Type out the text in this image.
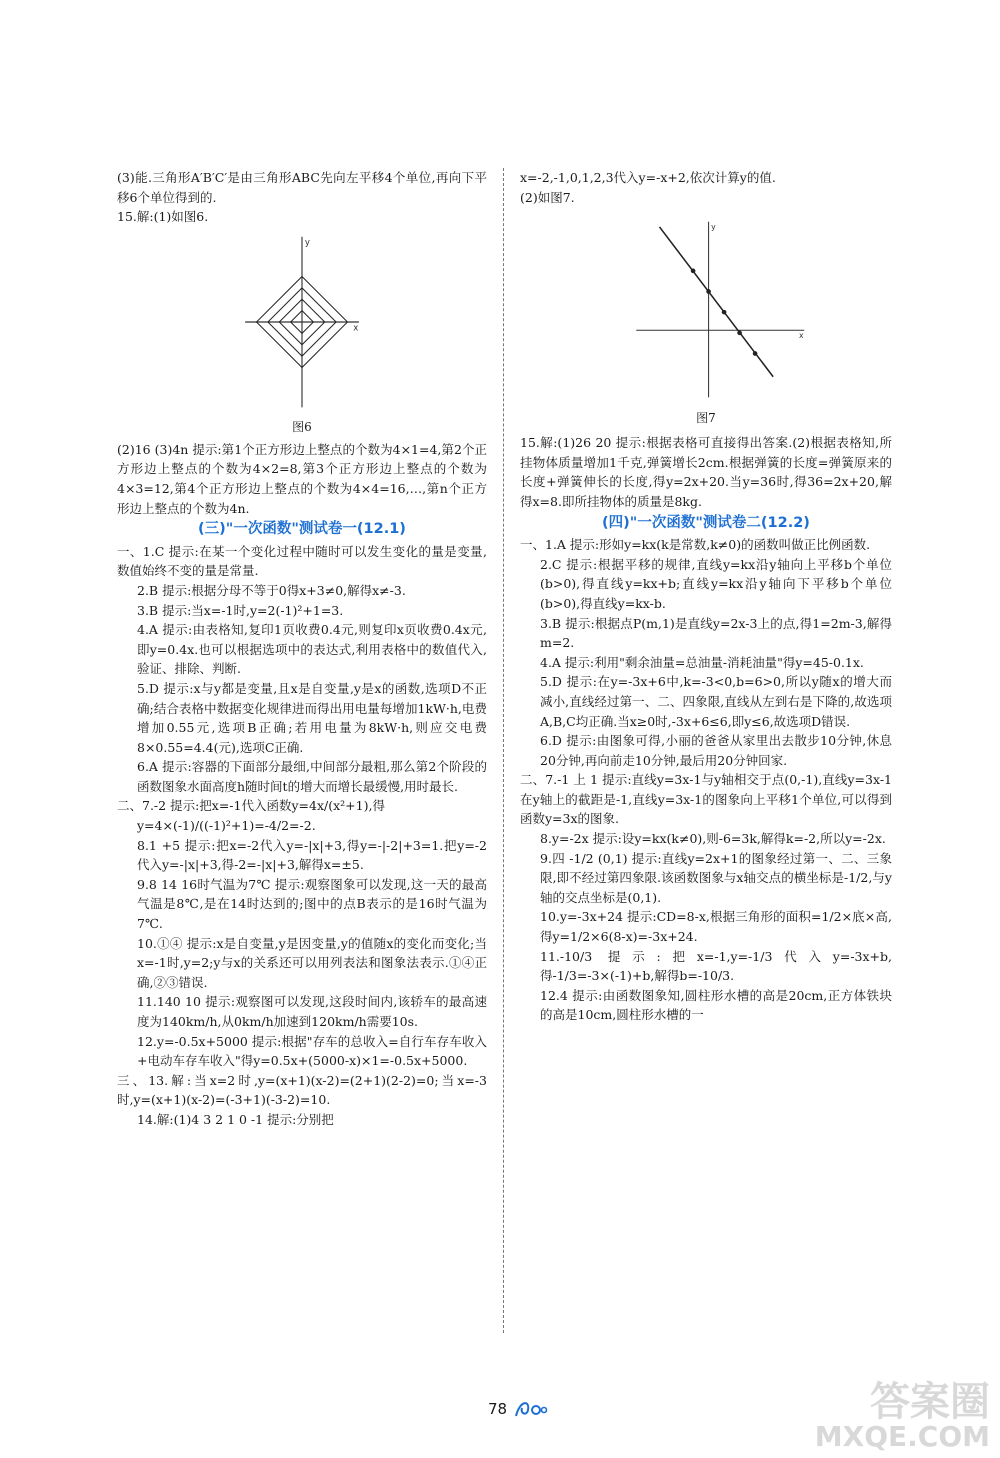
(3)能.三角形A′B′C′是由三角形ABC先向左平移4个单位,再向下平移6个单位得到的.

15.解:(1)如图6.

x
y

图6

(2)16 (3)4n 提示:第1个正方形边上整点的个数为4×1=4,第2个正方形边上整点的个数为4×2=8,第3个正方形边上整点的个数为4×3=12,第4个正方形边上整点的个数为4×4=16,…,第n个正方形边上整点的个数为4n.

(三)"一次函数"测试卷一(12.1)

一、1.C 提示:在某一个变化过程中随时可以发生变化的量是变量,数值始终不变的量是常量.

2.B 提示:根据分母不等于0得x+3≠0,解得x≠-3.

3.B 提示:当x=-1时,y=2(-1)²+1=3.

4.A 提示:由表格知,复印1页收费0.4元,则复印x页收费0.4x元,即y=0.4x.也可以根据选项中的表达式,利用表格中的数值代入,验证、排除、判断.

5.D 提示:x与y都是变量,且x是自变量,y是x的函数,选项D不正确;结合表格中数据变化规律进而得出用电量每增加1kW·h,电费增加0.55元,选项B正确;若用电量为8kW·h,则应交电费8×0.55=4.4(元),选项C正确.

6.A 提示:容器的下面部分最细,中间部分最粗,那么第2个阶段的函数图象水面高度h随时间t的增大而增长最缓慢,用时最长.

二、7.-2 提示:把x=-1代入函数y=4x/(x²+1),得

y=4×(-1)/((-1)²+1)=-4/2=-2.

8.1 +5 提示:把x=-2代入y=-|x|+3,得y=-|-2|+3=1.把y=-2代入y=-|x|+3,得-2=-|x|+3,解得x=±5.

9.8 14 16时气温为7℃ 提示:观察图象可以发现,这一天的最高气温是8℃,是在14时达到的;图中的点B表示的是16时气温为7℃.

10.①④ 提示:x是自变量,y是因变量,y的值随x的变化而变化;当x=-1时,y=2;y与x的关系还可以用列表法和图象法表示.①④正确,②③错误.

11.140 10 提示:观察图可以发现,这段时间内,该轿车的最高速度为140km/h,从0km/h加速到120km/h需要10s.

12.y=-0.5x+5000 提示:根据"存车的总收入=自行车存车收入+电动车存车收入"得y=0.5x+(5000-x)×1=-0.5x+5000.

三、13.解:当x=2时,y=(x+1)(x-2)=(2+1)(2-2)=0;当x=-3时,y=(x+1)(x-2)=(-3+1)(-3-2)=10.

14.解:(1)4 3 2 1 0 -1 提示:分别把

x=-2,-1,0,1,2,3代入y=-x+2,依次计算y的值.

(2)如图7.

x
y

图7

15.解:(1)26 20 提示:根据表格可直接得出答案.(2)根据表格知,所挂物体质量增加1千克,弹簧增长2cm.根据弹簧的长度=弹簧原来的长度+弹簧伸长的长度,得y=2x+20.当y=36时,得36=2x+20,解得x=8.即所挂物体的质量是8kg.

(四)"一次函数"测试卷二(12.2)

一、1.A 提示:形如y=kx(k是常数,k≠0)的函数叫做正比例函数.

2.C 提示:根据平移的规律,直线y=kx沿y轴向上平移b个单位(b>0),得直线y=kx+b;直线y=kx沿y轴向下平移b个单位(b>0),得直线y=kx-b.

3.B 提示:根据点P(m,1)是直线y=2x-3上的点,得1=2m-3,解得m=2.

4.A 提示:利用"剩余油量=总油量-消耗油量"得y=45-0.1x.

5.D 提示:在y=-3x+6中,k=-3<0,b=6>0,所以y随x的增大而减小,直线经过第一、二、四象限,直线从左到右是下降的,故选项A,B,C均正确.当x≥0时,-3x+6≤6,即y≤6,故选项D错误.

6.D 提示:由图象可得,小丽的爸爸从家里出去散步10分钟,休息20分钟,再向前走10分钟,最后用20分钟回家.

二、7.-1 上 1 提示:直线y=3x-1与y轴相交于点(0,-1),直线y=3x-1在y轴上的截距是-1,直线y=3x-1的图象向上平移1个单位,可以得到函数y=3x的图象.

8.y=-2x 提示:设y=kx(k≠0),则-6=3k,解得k=-2,所以y=-2x.

9.四 -1/2 (0,1) 提示:直线y=2x+1的图象经过第一、二、三象限,即不经过第四象限.该函数图象与x轴交点的横坐标是-1/2,与y轴的交点坐标是(0,1).

10.y=-3x+24 提示:CD=8-x,根据三角形的面积=1/2×底×高,得y=1/2×6(8-x)=-3x+24.

11.-10/3 提示:把x=-1,y=-1/3代入y=-3x+b,得-1/3=-3×(-1)+b,解得b=-10/3.

12.4 提示:由函数图象知,圆柱形水槽的高是20cm,正方体铁块的高是10cm,圆柱形水槽的一

78	答案圈
MXQE.COM
